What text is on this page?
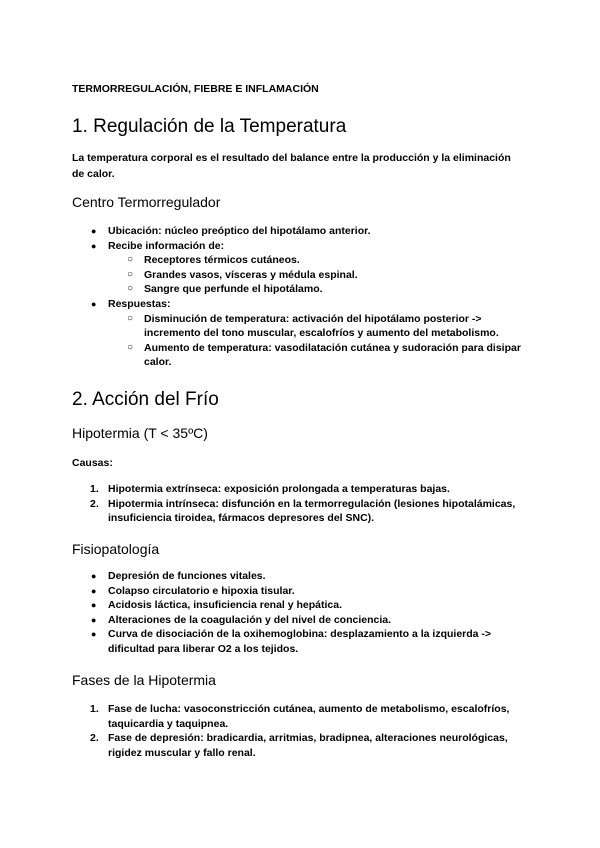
TERMORREGULACIÓN, FIEBRE E INFLAMACIÓN

1. Regulación de la Temperatura

La temperatura corporal es el resultado del balance entre la producción y la eliminación de calor.

Centro Termorregulador
● Ubicación: núcleo preóptico del hipotálamo anterior.
● Recibe información de:
○ Receptores térmicos cutáneos.
○ Grandes vasos, vísceras y médula espinal.
○ Sangre que perfunde el hipotálamo.
● Respuestas:
○ Disminución de temperatura: activación del hipotálamo posterior -> incremento del tono muscular, escalofríos y aumento del metabolismo.
○ Aumento de temperatura: vasodilatación cutánea y sudoración para disipar calor.
2. Acción del Frío
Hipotermia (T < 35ºC)

Causas:

1. Hipotermia extrínseca: exposición prolongada a temperaturas bajas.
2. Hipotermia intrínseca: disfunción en la termorregulación (lesiones hipotalámicas, insuficiencia tiroidea, fármacos depresores del SNC).
Fisiopatología
● Depresión de funciones vitales.
● Colapso circulatorio e hipoxia tisular.
● Acidosis láctica, insuficiencia renal y hepática.
● Alteraciones de la coagulación y del nivel de conciencia.
● Curva de disociación de la oxihemoglobina: desplazamiento a la izquierda -> dificultad para liberar O2 a los tejidos.
Fases de la Hipotermia
1. Fase de lucha: vasoconstricción cutánea, aumento de metabolismo, escalofríos, taquicardia y taquipnea.
2. Fase de depresión: bradicardia, arritmias, bradipnea, alteraciones neurológicas, rigidez muscular y fallo renal.
